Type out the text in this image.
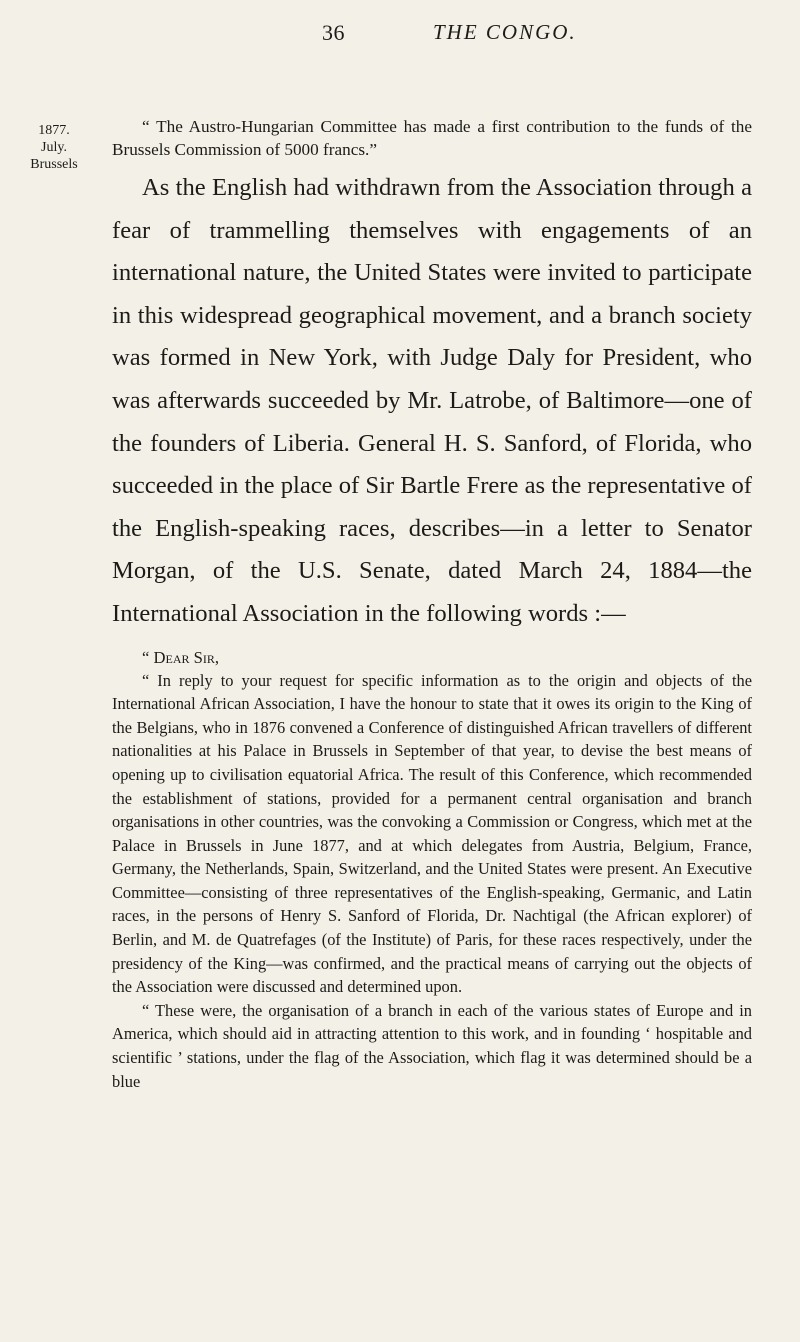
36	THE CONGO.
1877.
July.
Brussels

“ The Austro-Hungarian Committee has made a first contribution to the funds of the Brussels Commission of 5000 francs.”

As the English had withdrawn from the Association through a fear of trammelling themselves with engagements of an international nature, the United States were invited to participate in this widespread geographical movement, and a branch society was formed in New York, with Judge Daly for President, who was afterwards succeeded by Mr. Latrobe, of Baltimore—one of the founders of Liberia. General H. S. Sanford, of Florida, who succeeded in the place of Sir Bartle Frere as the representative of the English-speaking races, describes—in a letter to Senator Morgan, of the U.S. Senate, dated March 24, 1884—the International Association in the following words :—

“ Dear Sir,

“ In reply to your request for specific information as to the origin and objects of the International African Association, I have the honour to state that it owes its origin to the King of the Belgians, who in 1876 convened a Conference of distinguished African travellers of different nationalities at his Palace in Brussels in September of that year, to devise the best means of opening up to civilisation equatorial Africa. The result of this Conference, which recommended the establishment of stations, provided for a permanent central organisation and branch organisations in other countries, was the convoking a Commission or Congress, which met at the Palace in Brussels in June 1877, and at which delegates from Austria, Belgium, France, Germany, the Netherlands, Spain, Switzerland, and the United States were present. An Executive Committee—consisting of three representatives of the English-speaking, Germanic, and Latin races, in the persons of Henry S. Sanford of Florida, Dr. Nachtigal (the African explorer) of Berlin, and M. de Quatrefages (of the Institute) of Paris, for these races respectively, under the presidency of the King—was confirmed, and the practical means of carrying out the objects of the Association were discussed and determined upon.

“ These were, the organisation of a branch in each of the various states of Europe and in America, which should aid in attracting attention to this work, and in founding ‘ hospitable and scientific ’ stations, under the flag of the Association, which flag it was determined should be a blue
